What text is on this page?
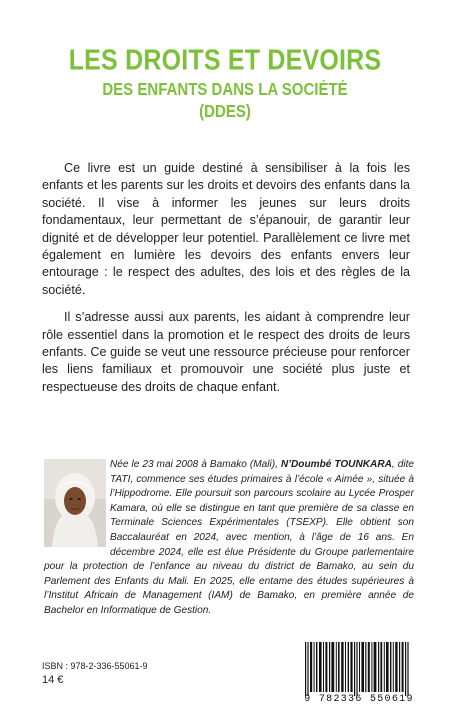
LES DROITS ET DEVOIRS
DES ENFANTS DANS LA SOCIÉTÉ
(DDES)

Ce livre est un guide destiné à sensibiliser à la fois les enfants et les parents sur les droits et devoirs des enfants dans la société. Il vise à informer les jeunes sur leurs droits fondamentaux, leur permettant de s’épanouir, de garantir leur dignité et de développer leur potentiel. Parallèlement ce livre met également en lumière les devoirs des enfants envers leur entourage : le respect des adultes, des lois et des règles de la société.

Il s’adresse aussi aux parents, les aidant à comprendre leur rôle essentiel dans la promotion et le respect des droits de leurs enfants. Ce guide se veut une ressource précieuse pour renforcer les liens familiaux et promouvoir une société plus juste et respectueuse des droits de chaque enfant.

Née le 23 mai 2008 à Bamako (Mali), N’Doumbé TOUNKARA, dite TATI, commence ses études primaires à l’école « Aimée », située à l’Hippodrome. Elle poursuit son parcours scolaire au Lycée Prosper Kamara, où elle se distingue en tant que première de sa classe en Terminale Sciences Expérimentales (TSEXP). Elle obtient son Baccalauréat en 2024, avec mention, à l’âge de 16 ans. En décembre 2024, elle est élue Présidente du Groupe parlementaire pour la protection de l’enfance au niveau du district de Bamako, au sein du Parlement des Enfants du Mali. En 2025, elle entame des études supérieures à l’Institut Africain de Management (IAM) de Bamako, en première année de Bachelor en Informatique de Gestion.
ISBN : 978-2-336-55061-9
14 €
9 782336 550619
